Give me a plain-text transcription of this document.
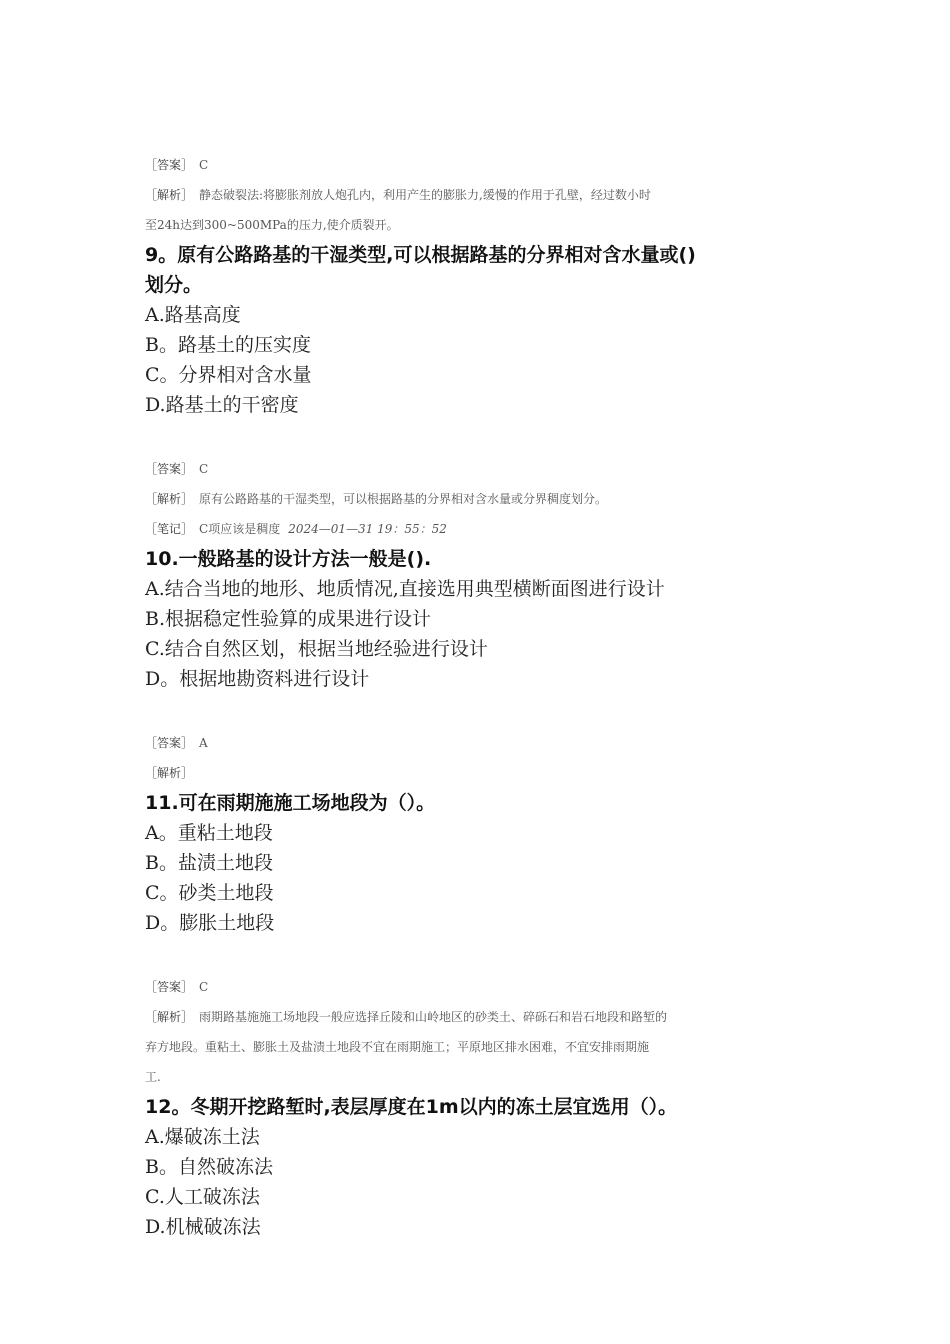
［答案］ C

［解析］ 静态破裂法:将膨胀剂放人炮孔内，利用产生的膨胀力,缓慢的作用于孔壁，经过数小时

至24h达到300~500MPa的压力,使介质裂开。

9。原有公路路基的干湿类型,可以根据路基的分界相对含水量或()

划分。

A.路基高度

B。路基土的压实度

C。分界相对含水量

D.路基土的干密度

［答案］ C

［解析］ 原有公路路基的干湿类型，可以根据路基的分界相对含水量或分界稠度划分。

［笔记］ C项应该是稠度 2024—01—31 19：55：52

10.一般路基的设计方法一般是().

A.结合当地的地形、地质情况,直接选用典型横断面图进行设计

B.根据稳定性验算的成果进行设计

C.结合自然区划，根据当地经验进行设计

D。根据地勘资料进行设计

［答案］ A

［解析］

11.可在雨期施施工场地段为（）。

A。重粘土地段

B。盐渍土地段

C。砂类土地段

D。膨胀土地段

［答案］ C

［解析］ 雨期路基施施工场地段一般应选择丘陵和山岭地区的砂类土、碎砾石和岩石地段和路堑的

弃方地段。重粘土、膨胀土及盐渍土地段不宜在雨期施工；平原地区排水困难，不宜安排雨期施

工.

12。冬期开挖路堑时,表层厚度在1m以内的冻土层宜选用（）。

A.爆破冻土法

B。自然破冻法

C.人工破冻法

D.机械破冻法
